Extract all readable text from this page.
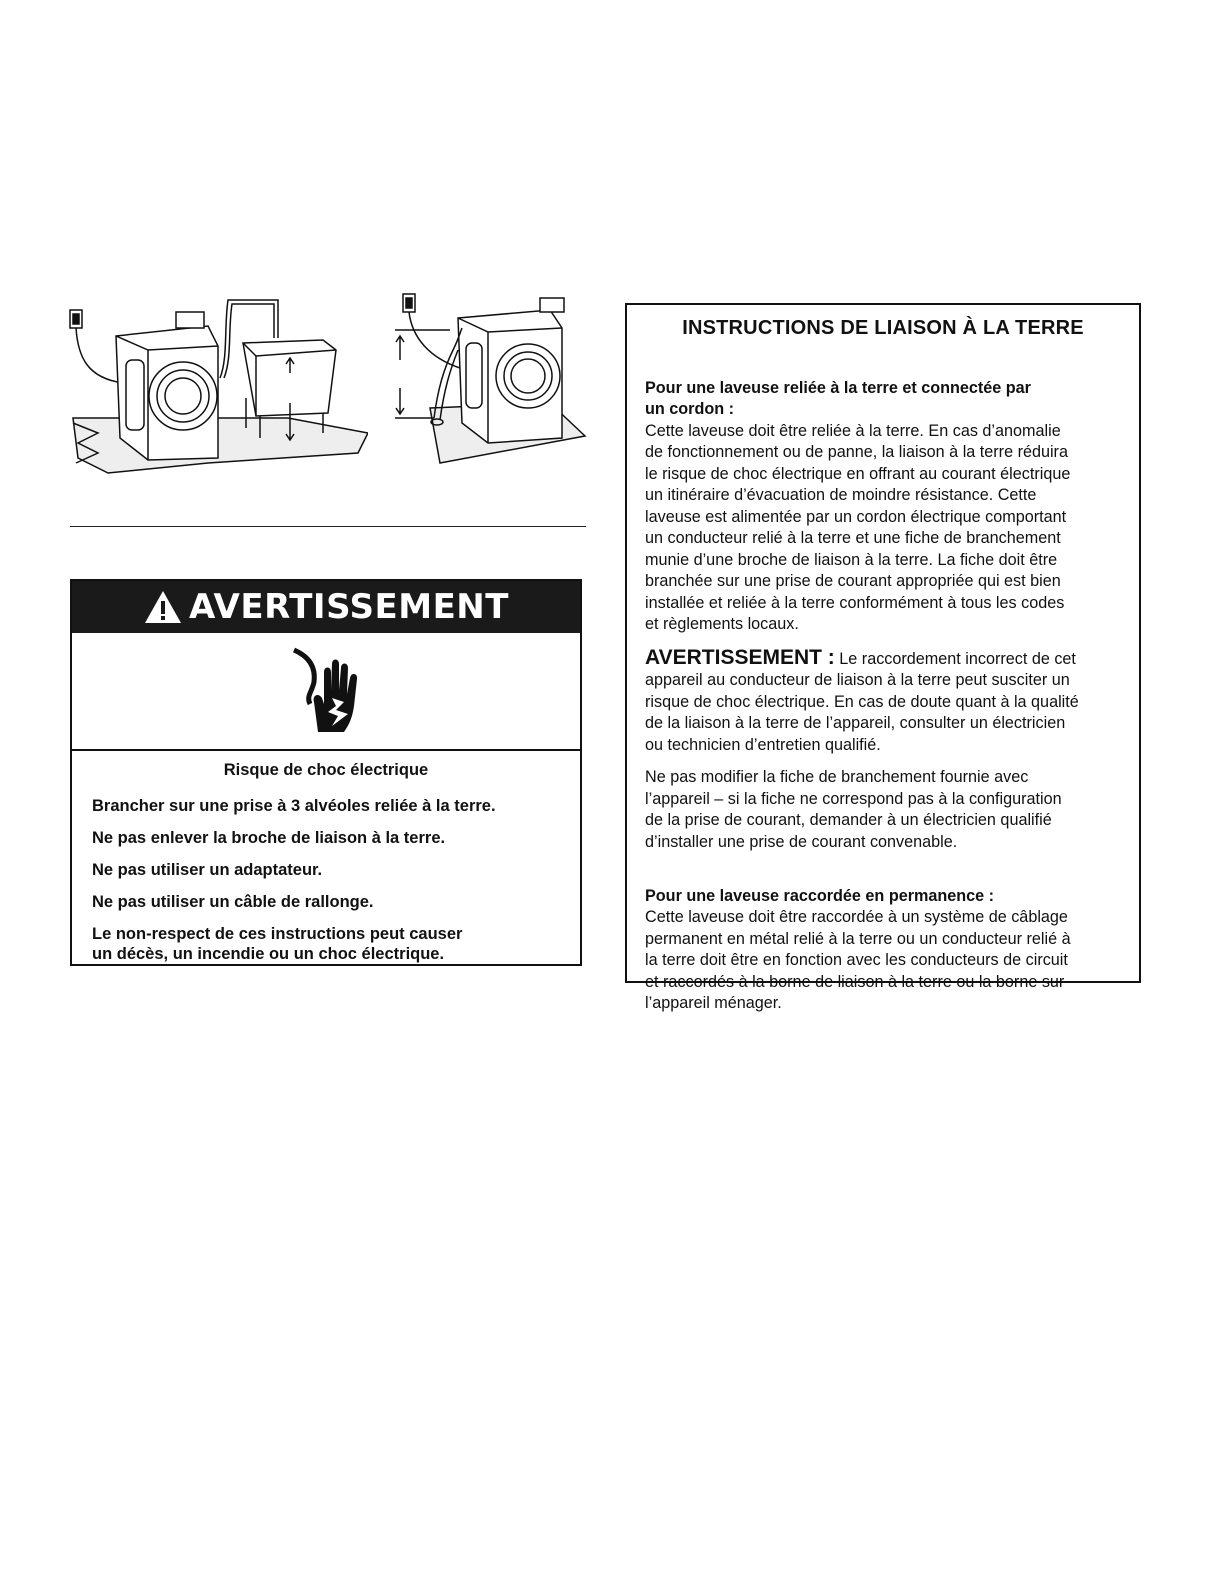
AVERTISSEMENT
Risque de choc électrique
Brancher sur une prise à 3 alvéoles reliée à la terre.
Ne pas enlever la broche de liaison à la terre.
Ne pas utiliser un adaptateur.
Ne pas utiliser un câble de rallonge.
Le non-respect de ces instructions peut causer
un décès, un incendie ou un choc électrique.
INSTRUCTIONS DE LIAISON À LA TERRE

Pour une laveuse reliée à la terre et connectée par
un cordon :
Cette laveuse doit être reliée à la terre. En cas d’anomalie
de fonctionnement ou de panne, la liaison à la terre réduira
le risque de choc électrique en offrant au courant électrique
un itinéraire d’évacuation de moindre résistance. Cette
laveuse est alimentée par un cordon électrique comportant
un conducteur relié à la terre et une fiche de branchement
munie d’une broche de liaison à la terre. La fiche doit être
branchée sur une prise de courant appropriée qui est bien
installée et reliée à la terre conformément à tous les codes
et règlements locaux.

AVERTISSEMENT : Le raccordement incorrect de cet
appareil au conducteur de liaison à la terre peut susciter un
risque de choc électrique. En cas de doute quant à la qualité
de la liaison à la terre de l’appareil, consulter un électricien
ou technicien d’entretien qualifié.
Ne pas modifier la fiche de branchement fournie avec
l’appareil – si la fiche ne correspond pas à la configuration
de la prise de courant, demander à un électricien qualifié
d’installer une prise de courant convenable.

Pour une laveuse raccordée en permanence :
Cette laveuse doit être raccordée à un système de câblage
permanent en métal relié à la terre ou un conducteur relié à
la terre doit être en fonction avec les conducteurs de circuit
et raccordés à la borne de liaison à la terre ou la borne sur
l’appareil ménager.
